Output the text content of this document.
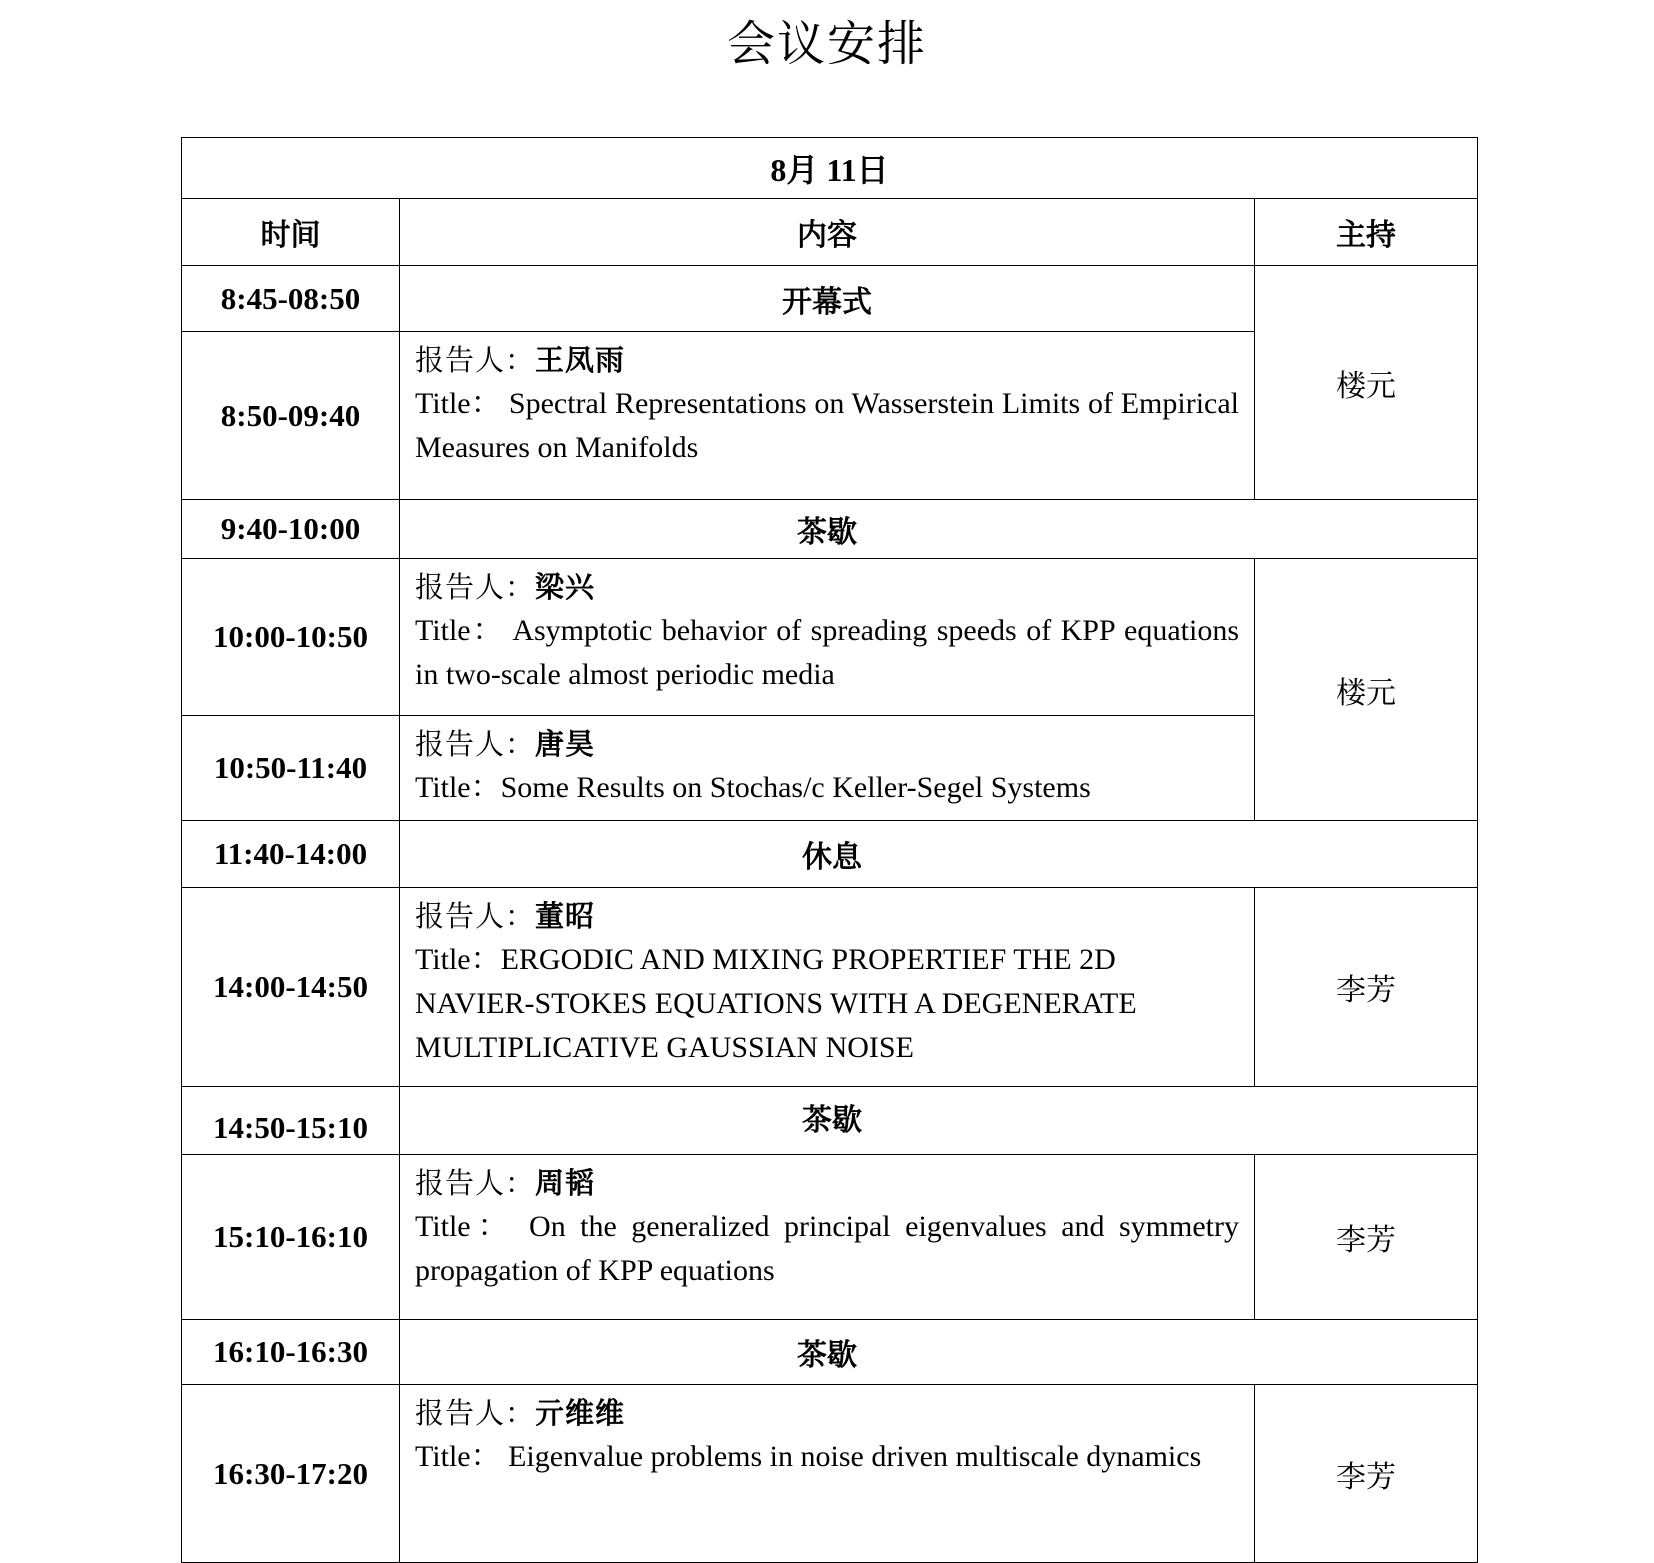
会议安排
8月 11日		
时间	内容	主持
8:45-08:50	开幕式	楼元
8:50-09:40	报告人：王凤雨
Title： Spectral Representations on Wasserstein Limits of Empirical Measures on Manifolds	

9:40-10:00	茶歇	
10:00-10:50	报告人：梁兴
Title： Asymptotic behavior of spreading speeds of KPP equations in two-scale almost periodic media	楼元
10:50-11:40	报告人：唐昊
Title：Some Results on Stochas/c Keller-Segel Systems	

11:40-14:00	休息	
14:00-14:50	报告人：董昭
Title：ERGODIC AND MIXING PROPERTIEF THE 2D NAVIER-STOKES EQUATIONS WITH A DEGENERATE MULTIPLICATIVE GAUSSIAN NOISE	李芳
14:50-15:10	茶歇	
15:10-16:10	报告人：周韬
Title： On the generalized principal eigenvalues and symmetry propagation of KPP equations	李芳
16:10-16:30	茶歇	
16:30-17:20	报告人：亓维维
Title： Eigenvalue problems in noise driven multiscale dynamics	李芳
